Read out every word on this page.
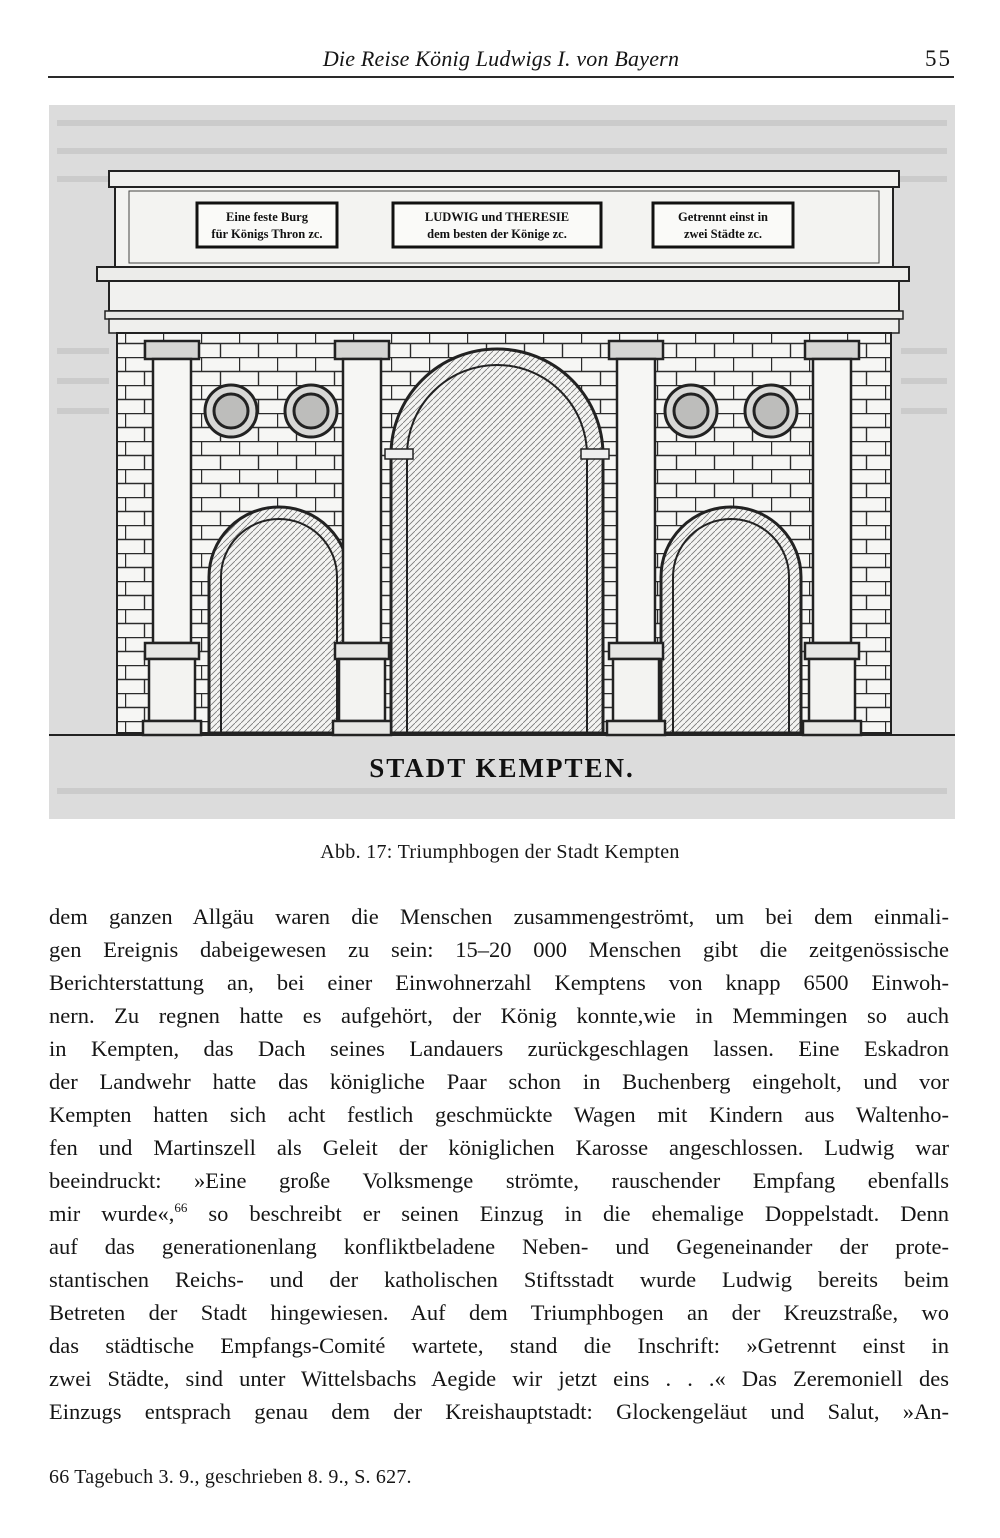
Die Reise König Ludwigs I. von Bayern	55
Eine feste Burg
für Königs Thron zc.
LUDWIG und THERESIE
dem besten der Könige zc.
Getrennt einst in
zwei Städte zc.
STADT KEMPTEN.
Abb. 17: Triumphbogen der Stadt Kempten
dem ganzen Allgäu waren die Menschen zusammengeströmt, um bei dem einmali-
gen Ereignis dabeigewesen zu sein: 15–20 000 Menschen gibt die zeitgenössische
Berichterstattung an, bei einer Einwohnerzahl Kemptens von knapp 6500 Einwoh-
nern. Zu regnen hatte es aufgehört, der König konnte,wie in Memmingen so auch
in Kempten, das Dach seines Landauers zurückgeschlagen lassen. Eine Eskadron
der Landwehr hatte das königliche Paar schon in Buchenberg eingeholt, und vor
Kempten hatten sich acht festlich geschmückte Wagen mit Kindern aus Waltenho-
fen und Martinszell als Geleit der königlichen Karosse angeschlossen. Ludwig war
beeindruckt: »Eine große Volksmenge strömte, rauschender Empfang ebenfalls
mir wurde«,$^{66}$ so beschreibt er seinen Einzug in die ehemalige Doppelstadt. Denn
auf das generationenlang konfliktbeladene Neben- und Gegeneinander der prote-
stantischen Reichs- und der katholischen Stiftsstadt wurde Ludwig bereits beim
Betreten der Stadt hingewiesen. Auf dem Triumphbogen an der Kreuzstraße, wo
das städtische Empfangs-Comité wartete, stand die Inschrift: »Getrennt einst in
zwei Städte, sind unter Wittelsbachs Aegide wir jetzt eins . . .« Das Zeremoniell des
Einzugs entsprach genau dem der Kreishauptstadt: Glockengeläut und Salut, »An-
66 Tagebuch 3. 9., geschrieben 8. 9., S. 627.
